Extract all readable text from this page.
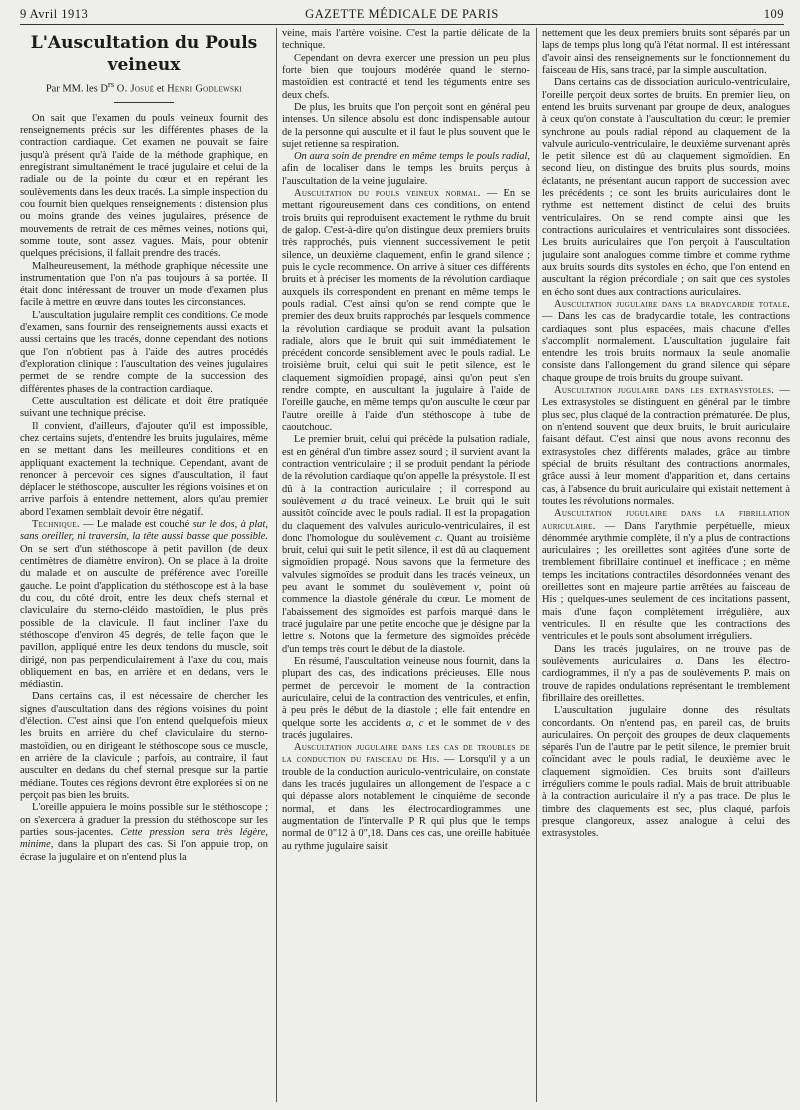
9 Avril 1913	GAZETTE MÉDICALE DE PARIS	109
L'Auscultation du Pouls veineux
Par MM. les $D^{rs}$ O. Josué et Henri Godlewski

On sait que l'examen du pouls veineux fournit des renseignements précis sur les différentes phases de la contraction cardiaque. Cet examen ne pouvait se faire jusqu'à présent qu'à l'aide de la méthode graphique, en enregistrant simultanément le tracé jugulaire et celui de la radiale ou de la pointe du cœur et en repérant les soulèvements dans les deux tracés. La simple inspection du cou fournit bien quelques renseignements : distension plus ou moins grande des veines jugulaires, présence de mouvements de retrait de ces mêmes veines, notions qui, somme toute, sont assez vagues. Mais, pour obtenir quelques précisions, il fallait prendre des tracés.

Malheureusement, la méthode graphique nécessite une instrumentation que l'on n'a pas toujours à sa portée. Il était donc intéressant de trouver un mode d'examen plus facile à mettre en œuvre dans toutes les circonstances.

L'auscultation jugulaire remplit ces conditions. Ce mode d'examen, sans fournir des renseignements aussi exacts et aussi certains que les tracés, donne cependant des notions que l'on n'obtient pas à l'aide des autres procédés d'exploration clinique : l'auscultation des veines jugulaires permet de se rendre compte de la succession des différentes phases de la contraction cardiaque.

Cette auscultation est délicate et doit être pratiquée suivant une technique précise.

Il convient, d'ailleurs, d'ajouter qu'il est impossible, chez certains sujets, d'entendre les bruits jugulaires, même en se mettant dans les meilleures conditions et en appliquant exactement la technique. Cependant, avant de renoncer à percevoir ces signes d'auscultation, il faut déplacer le stéthoscope, ausculter les régions voisines et on arrive parfois à entendre nettement, alors qu'au premier abord l'examen semblait devoir être négatif.

Technique. — Le malade est couché sur le dos, à plat, sans oreiller, ni traversin, la tête aussi basse que possible. On se sert d'un stéthoscope à petit pavillon (de deux centimètres de diamètre environ). On se place à la droite du malade et on ausculte de préférence avec l'oreille gauche. Le point d'application du stéthoscope est à la base du cou, du côté droit, entre les deux chefs sternal et claviculaire du sterno-cléido mastoïdien, le plus près possible de la clavicule. Il faut incliner l'axe du stéthoscope d'environ 45 degrés, de telle façon que le pavillon, appliqué entre les deux tendons du muscle, soit dirigé, non pas perpendiculairement à l'axe du cou, mais obliquement en bas, en arrière et en dedans, vers le médiastin.

Dans certains cas, il est nécessaire de chercher les signes d'auscultation dans des régions voisines du point d'élection. C'est ainsi que l'on entend quelquefois mieux les bruits en arrière du chef claviculaire du sterno-mastoïdien, ou en dirigeant le stéthoscope sous ce muscle, en arrière de la clavicule ; parfois, au contraire, il faut ausculter en dedans du chef sternal presque sur la partie médiane. Toutes ces régions devront être explorées si on ne perçoit pas bien les bruits.

L'oreille appuiera le moins possible sur le stéthoscope ; on s'exercera à graduer la pression du stéthoscope sur les parties sous-jacentes. Cette pression sera très légère, minime, dans la plupart des cas. Si l'on appuie trop, on écrase la jugulaire et on n'entend plus la

veine, mais l'artère voisine. C'est la partie délicate de la technique.

Cependant on devra exercer une pression un peu plus forte bien que toujours modérée quand le sterno-mastoïdien est contracté et tend les téguments entre ses deux chefs.

De plus, les bruits que l'on perçoit sont en général peu intenses. Un silence absolu est donc indispensable autour de la personne qui ausculte et il faut le plus souvent que le sujet retienne sa respiration.

On aura soin de prendre en même temps le pouls radial, afin de localiser dans le temps les bruits perçus à l'auscultation de la veine jugulaire.

Auscultation du pouls veineux normal. — En se mettant rigoureusement dans ces conditions, on entend trois bruits qui reproduisent exactement le rythme du bruit de galop. C'est-à-dire qu'on distingue deux premiers bruits très rapprochés, puis viennent successivement le petit silence, un deuxième claquement, enfin le grand silence ; puis le cycle recommence. On arrive à situer ces différents bruits et à préciser les moments de la révolution cardiaque auxquels ils correspondent en prenant en même temps le pouls radial. C'est ainsi qu'on se rend compte que le premier des deux bruits rapprochés par lesquels commence la révolution cardiaque se produit avant la pulsation radiale, alors que le bruit qui suit immédiatement le précédent concorde sensiblement avec le pouls radial. Le troisième bruit, celui qui suit le petit silence, est le claquement sigmoïdien propagé, ainsi qu'on peut s'en rendre compte, en auscultant la jugulaire à l'aide de l'oreille gauche, en même temps qu'on ausculte le cœur par l'autre oreille à l'aide d'un stéthoscope à tube de caoutchouc.

Le premier bruit, celui qui précède la pulsation radiale, est en général d'un timbre assez sourd ; il survient avant la contraction ventriculaire ; il se produit pendant la période de la révolution cardiaque qu'on appelle la présystole. Il est dû à la contraction auriculaire ; il correspond au soulèvement a du tracé veineux. Le bruit qui le suit aussitôt coïncide avec le pouls radial. Il est la propagation du claquement des valvules auriculo-ventriculaires, il est donc l'homologue du soulèvement c. Quant au troisième bruit, celui qui suit le petit silence, il est dû au claquement sigmoïdien propagé. Nous savons que la fermeture des valvules sigmoïdes se produit dans les tracés veineux, un peu avant le sommet du soulèvement v, point où commence la diastole générale du cœur. Le moment de l'abaissement des sigmoïdes est parfois marqué dans le tracé jugulaire par une petite encoche que je désigne par la lettre s. Notons que la fermeture des sigmoïdes précède d'un temps très court le début de la diastole.

En résumé, l'auscultation veineuse nous fournit, dans la plupart des cas, des indications précieuses. Elle nous permet de percevoir le moment de la contraction auriculaire, celui de la contraction des ventricules, et enfin, à peu près le début de la diastole ; elle fait entendre en quelque sorte les accidents a, c et le sommet de v des tracés jugulaires.

Auscultation jugulaire dans les cas de troubles de la conduction du faisceau de His. — Lorsqu'il y a un trouble de la conduction auriculo-ventriculaire, on constate dans les tracés jugulaires un allongement de l'espace a c qui dépasse alors notablement le cinquième de seconde normal, et dans les électrocardiogrammes une augmentation de l'intervalle P R qui plus que le temps normal de 0"12 à 0",18. Dans ces cas, une oreille habituée au rythme jugulaire saisit

nettement que les deux premiers bruits sont séparés par un laps de temps plus long qu'à l'état normal. Il est intéressant d'avoir ainsi des renseignements sur le fonctionnement du faisceau de His, sans tracé, par la simple auscultation.

Dans certains cas de dissociation auriculo-ventriculaire, l'oreille perçoit deux sortes de bruits. En premier lieu, on entend les bruits survenant par groupe de deux, analogues à ceux qu'on constate à l'auscultation du cœur: le premier synchrone au pouls radial répond au claquement de la valvule auriculo-ventriculaire, le deuxième survenant après le petit silence est dû au claquement sigmoïdien. En second lieu, on distingue des bruits plus sourds, moins éclatants, ne présentant aucun rapport de succession avec les précédents ; ce sont les bruits auriculaires dont le rythme est nettement distinct de celui des bruits ventriculaires. On se rend compte ainsi que les contractions auriculaires et ventriculaires sont dissociées. Les bruits auriculaires que l'on perçoit à l'auscultation jugulaire sont analogues comme timbre et comme rythme aux bruits sourds dits systoles en écho, que l'on entend en auscultant la région précordiale ; on sait que ces systoles en écho sont dues aux contractions auriculaires.

Auscultation jugulaire dans la bradycardie totale. — Dans les cas de bradycardie totale, les contractions cardiaques sont plus espacées, mais chacune d'elles s'accomplit normalement. L'auscultation jugulaire fait entendre les trois bruits normaux la seule anomalie consiste dans l'allongement du grand silence qui sépare chaque groupe de trois bruits du groupe suivant.

Auscultation jugulaire dans les extrasystoles. — Les extrasystoles se distinguent en général par le timbre plus sec, plus claqué de la contraction prématurée. De plus, on n'entend souvent que deux bruits, le bruit auriculaire faisant défaut. C'est ainsi que nous avons reconnu des extrasystoles chez différents malades, grâce au timbre spécial de bruits résultant des contractions anormales, grâce aussi à leur moment d'apparition et, dans certains cas, à l'absence du bruit auriculaire qui existait nettement à toutes les révolutions normales.

Auscultation jugulaire dans la fibrillation auriculaire. — Dans l'arythmie perpétuelle, mieux dénommée arythmie complète, il n'y a plus de contractions auriculaires ; les oreillettes sont agitées d'une sorte de tremblement fibrillaire continuel et inefficace ; en même temps les incitations contractiles désordonnées venant des oreillettes sont en majeure partie arrêtées au faisceau de His ; quelques-unes seulement de ces incitations passent, mais d'une façon complètement irrégulière, aux ventricules. Il en résulte que les contractions des ventricules et le pouls sont absolument irréguliers.

Dans les tracés jugulaires, on ne trouve pas de soulèvements auriculaires a. Dans les électro-cardiogrammes, il n'y a pas de soulèvements P. mais on trouve de rapides ondulations représentant le tremblement fibrillaire des oreillettes.

L'auscultation jugulaire donne des résultats concordants. On n'entend pas, en pareil cas, de bruits auriculaires. On perçoit des groupes de deux claquements séparés l'un de l'autre par le petit silence, le premier bruit coïncidant avec le pouls radial, le deuxième avec le claquement sigmoïdien. Ces bruits sont d'ailleurs irréguliers comme le pouls radial. Mais de bruit attribuable à la contraction auriculaire il n'y a pas trace. De plus le timbre des claquements est sec, plus claqué, parfois presque clangoreux, assez analogue à celui des extrasystoles.
